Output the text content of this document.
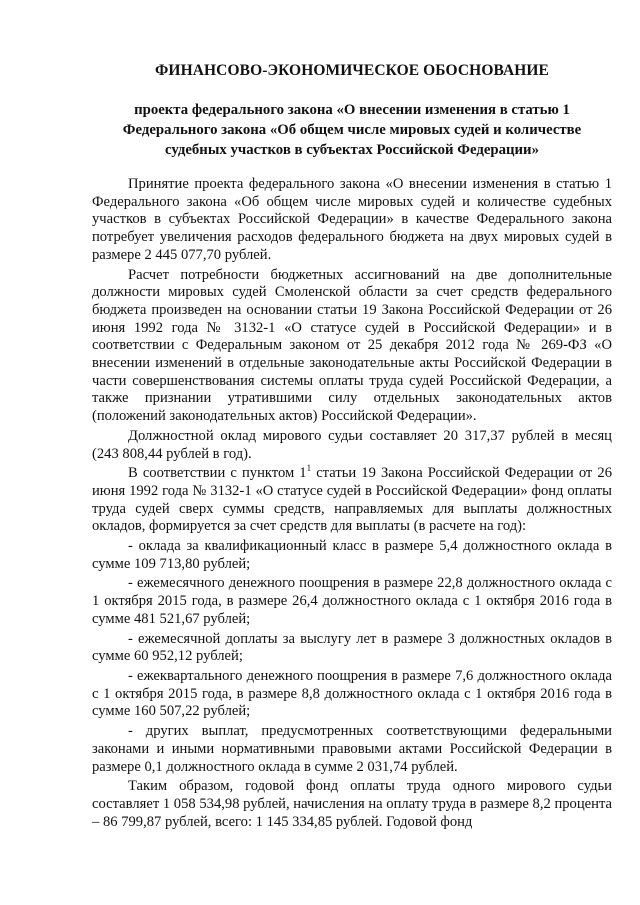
ФИНАНСОВО-ЭКОНОМИЧЕСКОЕ ОБОСНОВАНИЕ
проекта федерального закона «О внесении изменения в статью 1
Федерального закона «Об общем числе мировых судей и количестве
судебных участков в субъектах Российской Федерации»

Принятие проекта федерального закона «О внесении изменения в статью 1 Федерального закона «Об общем числе мировых судей и количестве судебных участков в субъектах Российской Федерации» в качестве Федерального закона потребует увеличения расходов федерального бюджета на двух мировых судей в размере 2 445 077,70 рублей.

Расчет потребности бюджетных ассигнований на две дополнительные должности мировых судей Смоленской области за счет средств федерального бюджета произведен на основании статьи 19 Закона Российской Федерации от 26 июня 1992 года № 3132-1 «О статусе судей в Российской Федерации» и в соответствии с Федеральным законом от 25 декабря 2012 года № 269-ФЗ «О внесении изменений в отдельные законодательные акты Российской Федерации в части совершенствования системы оплаты труда судей Российской Федерации, а также признании утратившими силу отдельных законодательных актов (положений законодательных актов) Российской Федерации».

Должностной оклад мирового судьи составляет 20 317,37 рублей в месяц (243 808,44 рублей в год).

В соответствии с пунктом $1^1$ статьи 19 Закона Российской Федерации от 26 июня 1992 года № 3132-1 «О статусе судей в Российской Федерации» фонд оплаты труда судей сверх суммы средств, направляемых для выплаты должностных окладов, формируется за счет средств для выплаты (в расчете на год):

- оклада за квалификационный класс в размере 5,4 должностного оклада в сумме 109 713,80 рублей;

- ежемесячного денежного поощрения в размере 22,8 должностного оклада с 1 октября 2015 года, в размере 26,4 должностного оклада с 1 октября 2016 года в сумме 481 521,67 рублей;

- ежемесячной доплаты за выслугу лет в размере 3 должностных окладов в сумме 60 952,12 рублей;

- ежеквартального денежного поощрения в размере 7,6 должностного оклада с 1 октября 2015 года, в размере 8,8 должностного оклада с 1 октября 2016 года в сумме 160 507,22 рублей;

- других выплат, предусмотренных соответствующими федеральными законами и иными нормативными правовыми актами Российской Федерации в размере 0,1 должностного оклада в сумме 2 031,74 рублей.

Таким образом, годовой фонд оплаты труда одного мирового судьи составляет 1 058 534,98 рублей, начисления на оплату труда в размере 8,2 процента – 86 799,87 рублей, всего: 1 145 334,85 рублей. Годовой фонд
